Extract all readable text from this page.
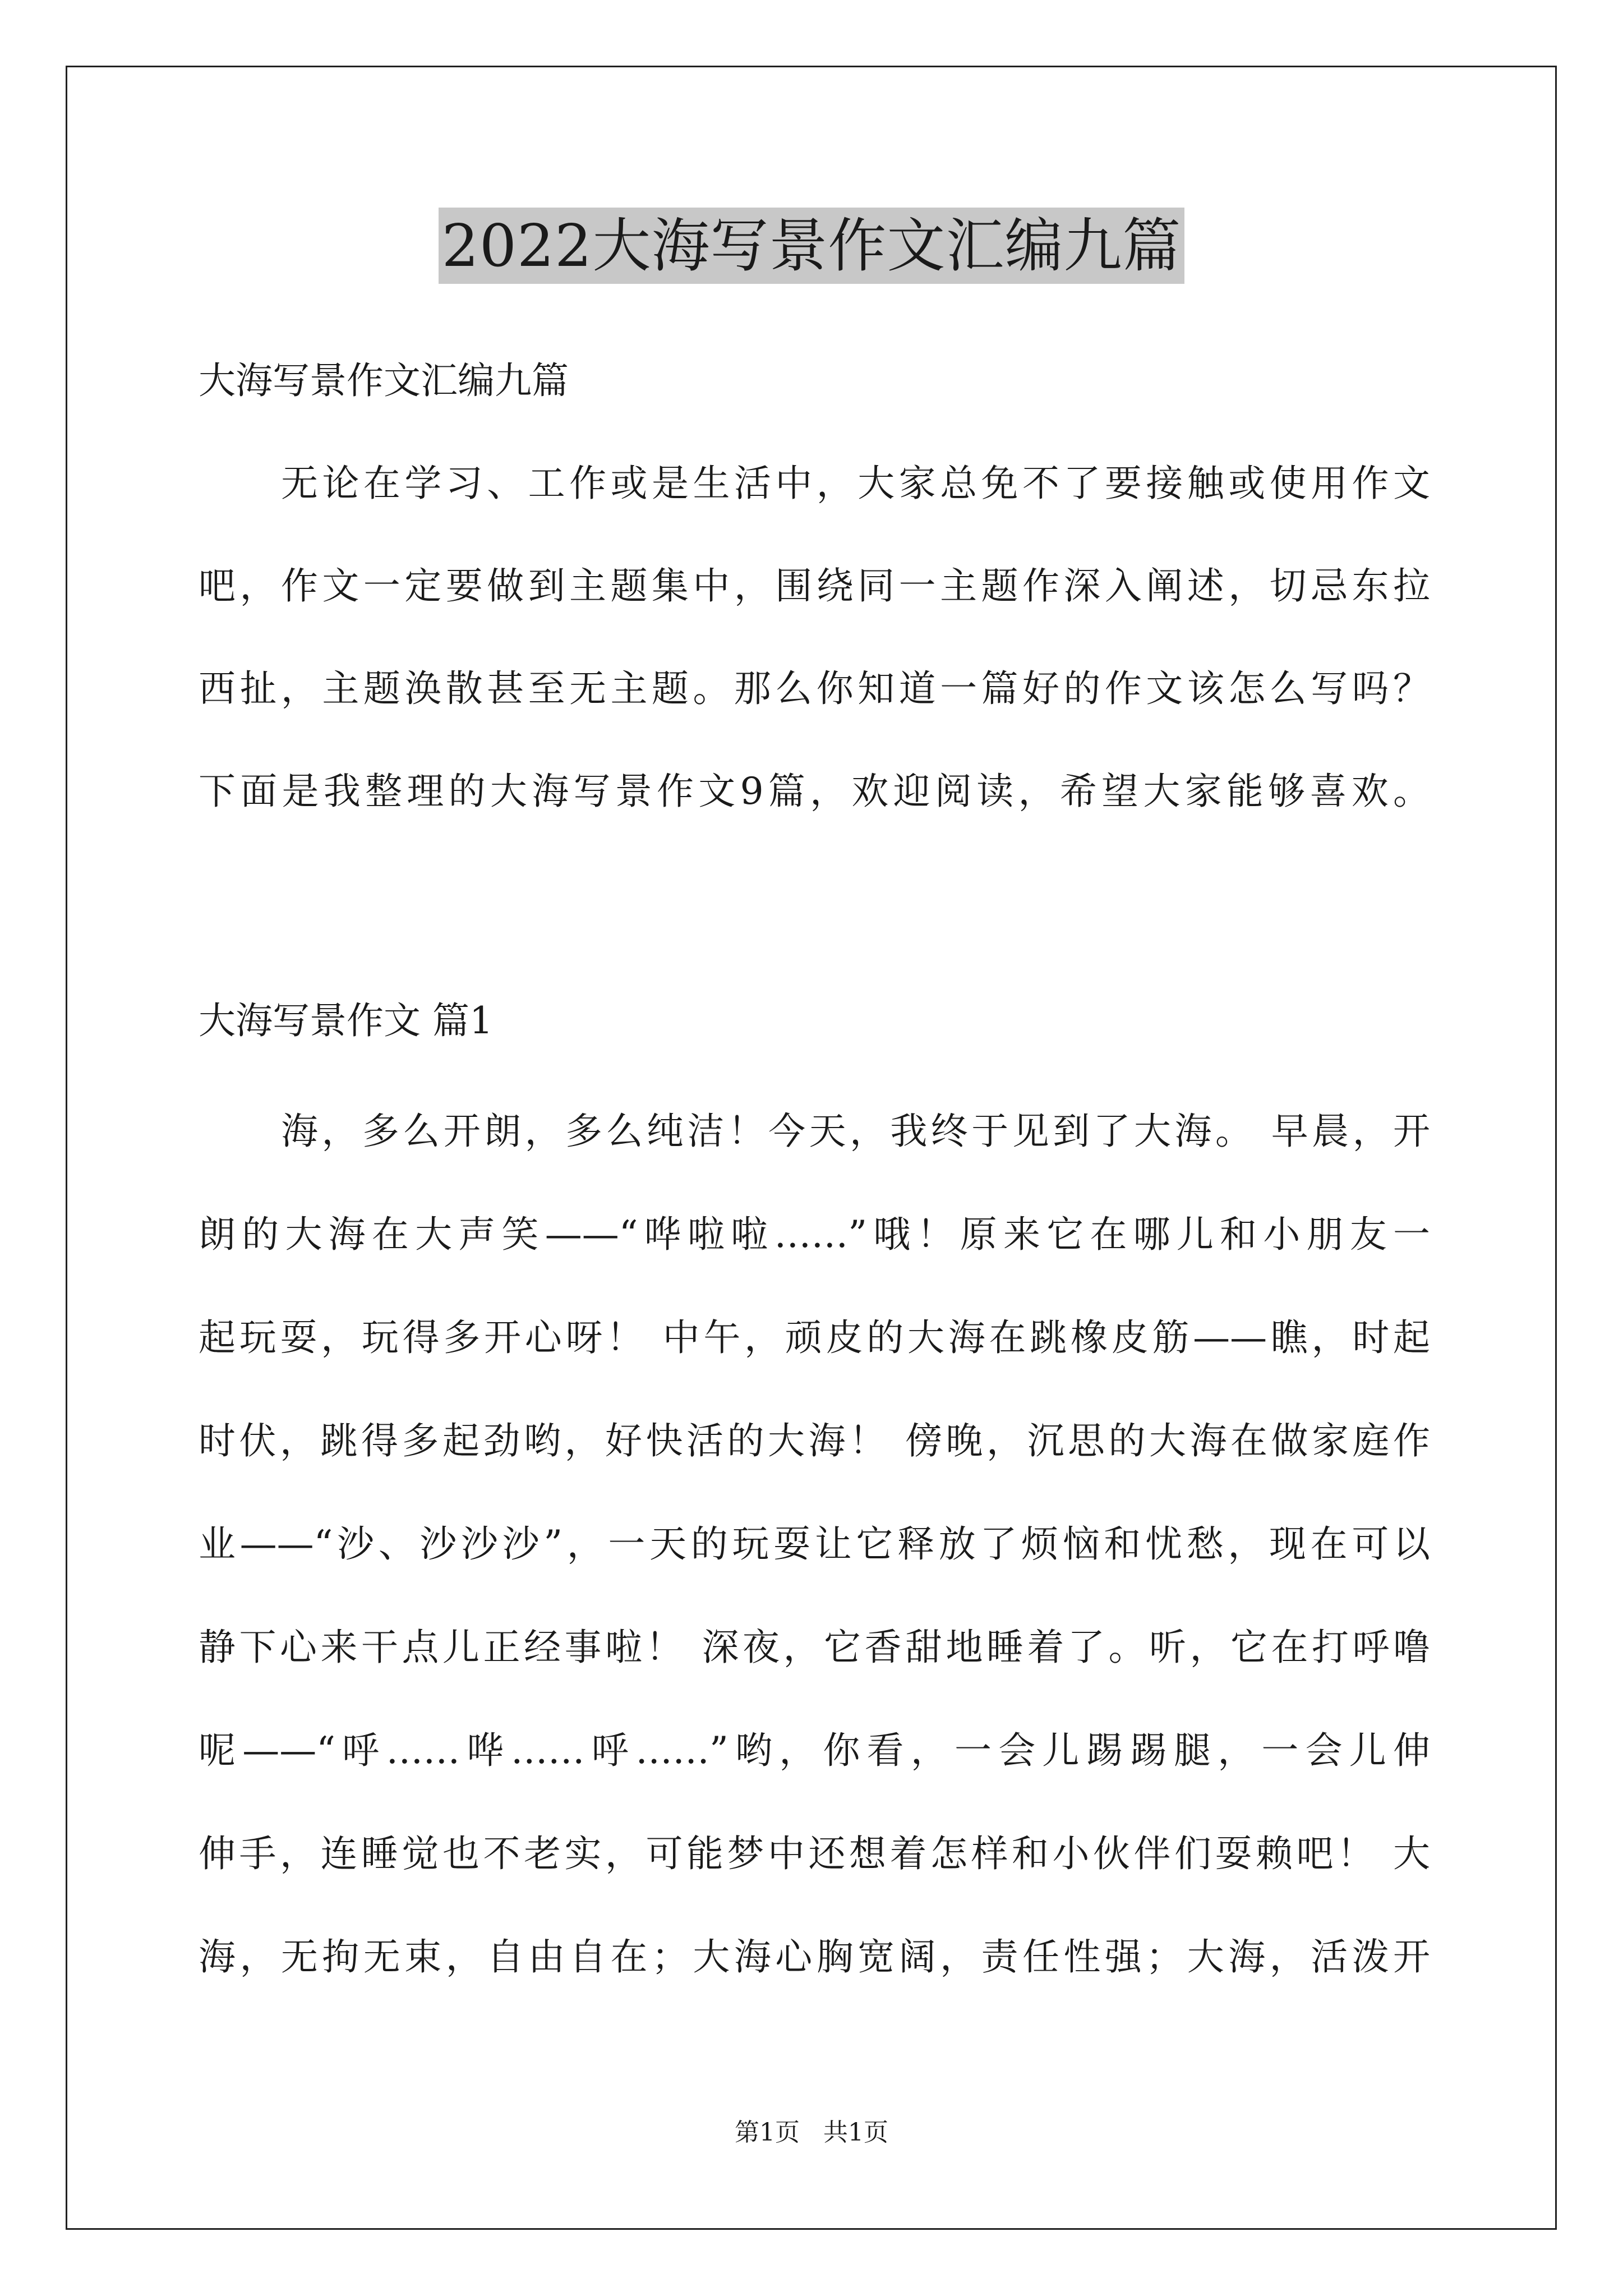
2022大海写景作文汇编九篇
大海写景作文汇编九篇
无论在学习、工作或是生活中，大家总免不了要接触或使用作文
吧，作文一定要做到主题集中，围绕同一主题作深入阐述，切忌东拉
西扯，主题涣散甚至无主题。那么你知道一篇好的作文该怎么写吗？
下面是我整理的大海写景作文9篇，欢迎阅读，希望大家能够喜欢。
大海写景作文 篇1
海，多么开朗，多么纯洁！今天，我终于见到了大海。 早晨，开
朗的大海在大声笑——“哗啦啦……”哦！原来它在哪儿和小朋友一
起玩耍，玩得多开心呀！ 中午，顽皮的大海在跳橡皮筋——瞧，时起
时伏，跳得多起劲哟，好快活的大海！ 傍晚，沉思的大海在做家庭作
业——“沙、沙沙沙”，一天的玩耍让它释放了烦恼和忧愁，现在可以
静下心来干点儿正经事啦！ 深夜，它香甜地睡着了。听，它在打呼噜
呢——“呼……哗……呼……”哟，你看，一会儿踢踢腿，一会儿伸
伸手，连睡觉也不老实，可能梦中还想着怎样和小伙伴们耍赖吧！ 大
海，无拘无束，自由自在；大海心胸宽阔，责任性强；大海，活泼开
第1页   共1页
